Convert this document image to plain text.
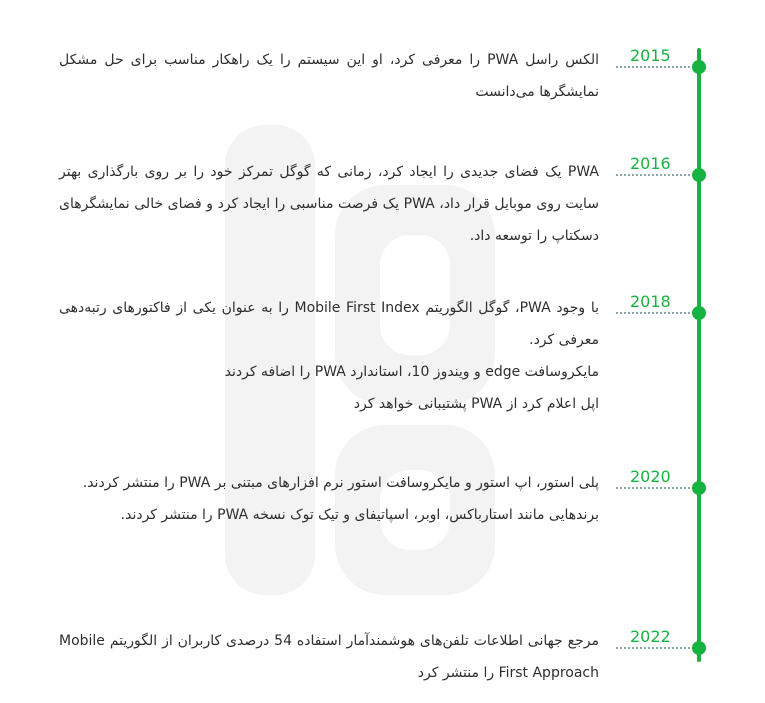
2015

الکس راسل PWA را معرفی کرد، او این سیستم را یک راهکار مناسب برای حل مشکل نمایشگرها می‌دانست

2016

PWA یک فضای جدیدی را ایجاد کرد، زمانی که گوگل تمرکز خود را بر روی بارگذاری بهتر سایت روی موبایل قرار داد، PWA یک فرصت مناسبی را ایجاد کرد و فضای خالی نمایشگرهای دسکتاپ را توسعه داد.

2018

با وجود PWA، گوگل الگوریتم Mobile First Index را به عنوان یکی از فاکتورهای رتبه‌دهی معرفی کرد.

مایکروسافت edge و ویندوز 10، استاندارد PWA را اضافه کردند

اپل اعلام کرد از PWA پشتیبانی خواهد کرد

2020

پلی استور، اپ استور و مایکروسافت استور نرم افزارهای مبتنی بر PWA را منتشر کردند.

برندهایی مانند استارباکس، اوبر، اسپاتیفای و تیک توک نسخه PWA را منتشر کردند.

2022

مرجع جهانی اطلاعات تلفن‌های هوشمندآمار استفاده 54 درصدی کاربران از الگوریتم Mobile First Approach را منتشر کرد
